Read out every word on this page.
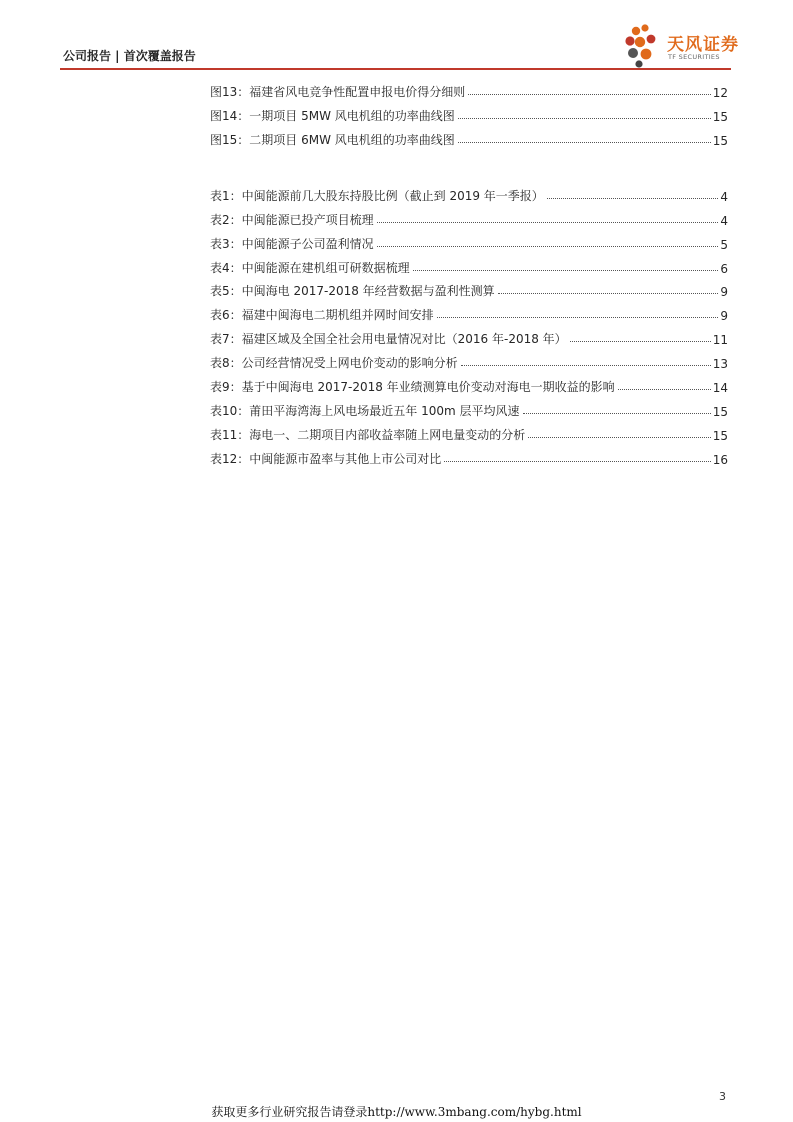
公司报告 | 首次覆盖报告
天风证券
TF SECURITIES
图13：福建省风电竞争性配置申报电价得分细则	12
图14：一期项目 5MW 风电机组的功率曲线图	15
图15：二期项目 6MW 风电机组的功率曲线图	15
表1：中闽能源前几大股东持股比例（截止到 2019 年一季报）	4
表2：中闽能源已投产项目梳理	4
表3：中闽能源子公司盈利情况	5
表4：中闽能源在建机组可研数据梳理	6
表5：中闽海电 2017-2018 年经营数据与盈利性测算	9
表6：福建中闽海电二期机组并网时间安排	9
表7：福建区域及全国全社会用电量情况对比（2016 年-2018 年）	11
表8：公司经营情况受上网电价变动的影响分析	13
表9：基于中闽海电 2017-2018 年业绩测算电价变动对海电一期收益的影响	14
表10：莆田平海湾海上风电场最近五年 100m 层平均风速	15
表11：海电一、二期项目内部收益率随上网电量变动的分析	15
表12：中闽能源市盈率与其他上市公司对比	16
3
获取更多行业研究报告请登录http://www.3mbang.com/hybg.html
